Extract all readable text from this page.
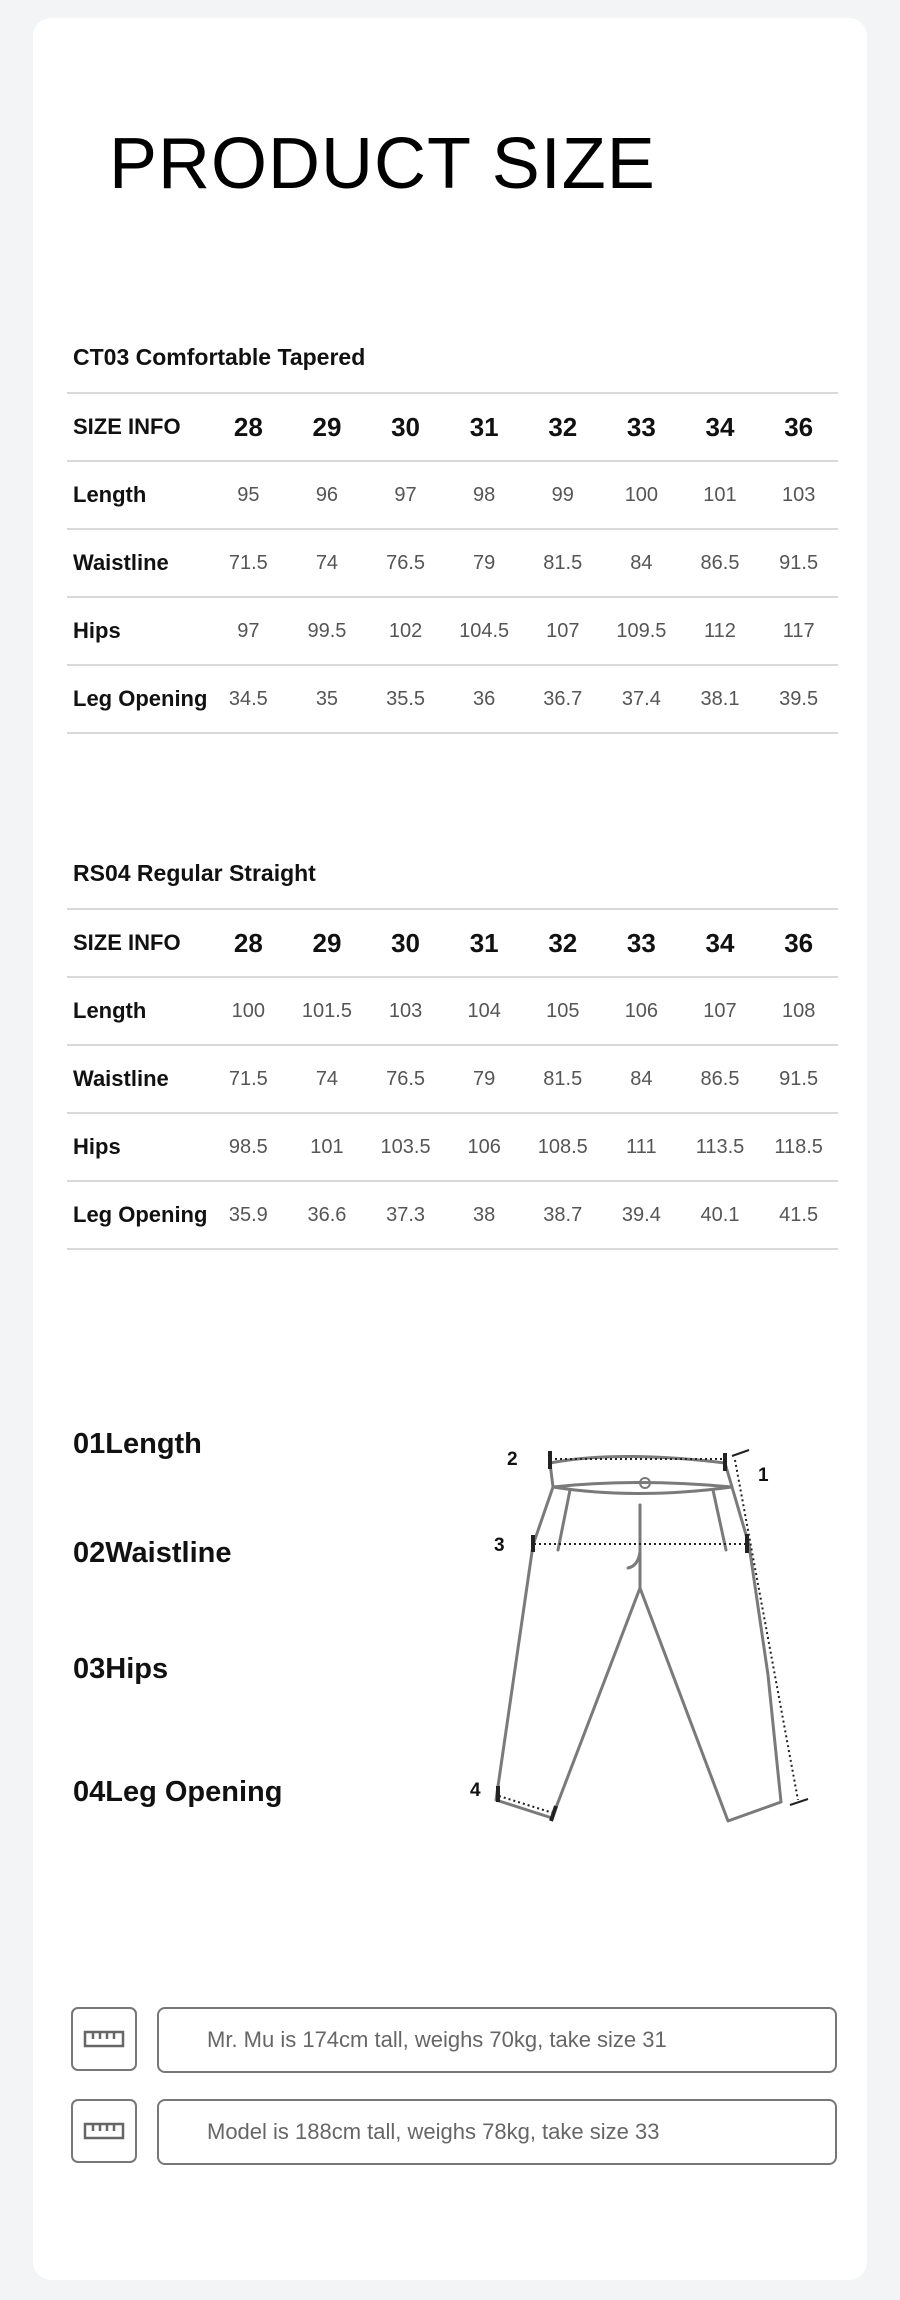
PRODUCT SIZE
CT03 Comfortable Tapered
SIZE INFO	28	29	30	31	32	33	34	36
Length	95	96	97	98	99	100	101	103
Waistline	71.5	74	76.5	79	81.5	84	86.5	91.5
Hips	97	99.5	102	104.5	107	109.5	112	117
Leg Opening	34.5	35	35.5	36	36.7	37.4	38.1	39.5
RS04 Regular Straight
SIZE INFO	28	29	30	31	32	33	34	36
Length	100	101.5	103	104	105	106	107	108
Waistline	71.5	74	76.5	79	81.5	84	86.5	91.5
Hips	98.5	101	103.5	106	108.5	111	113.5	118.5
Leg Opening	35.9	36.6	37.3	38	38.7	39.4	40.1	41.5
01Length
02Waistline
03Hips
04Leg Opening
1
2
3
4
Mr. Mu is 174cm tall, weighs 70kg, take size 31
Model is 188cm tall, weighs 78kg, take size 33
